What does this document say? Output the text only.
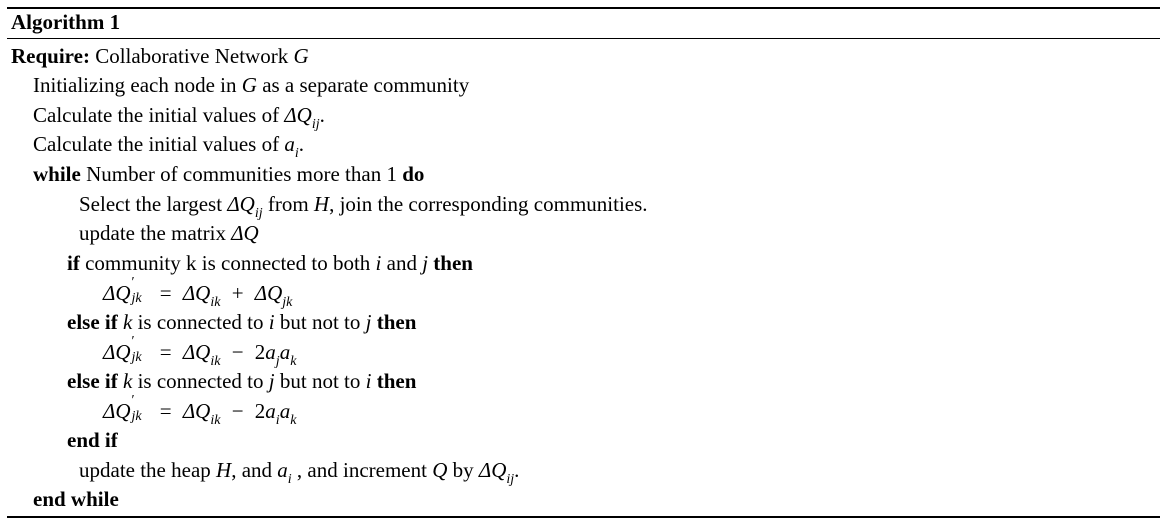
Algorithm 1
Require: Collaborative Network G
Initializing each node in G as a separate community
Calculate the initial values of $\Delta Q_{ij}$.
Calculate the initial values of $a_i$.
while Number of communities more than 1 do
Select the largest $\Delta Q_{ij}$ from H, join the corresponding communities.
update the matrix ΔQ
if community k is connected to both i and j then
ΔQ ′
jk = $\Delta Q_{ik} + \Delta Q_{jk}$
else if k is connected to i but not to j then
ΔQ ′
jk = $\Delta Q_{ik} - 2a_ja_k$
else if k is connected to j but not to i then
ΔQ ′
jk = $\Delta Q_{ik} - 2a_ia_k$
end if
update the heap H, and $a_i$ , and increment Q by $\Delta Q_{ij}$.
end while
